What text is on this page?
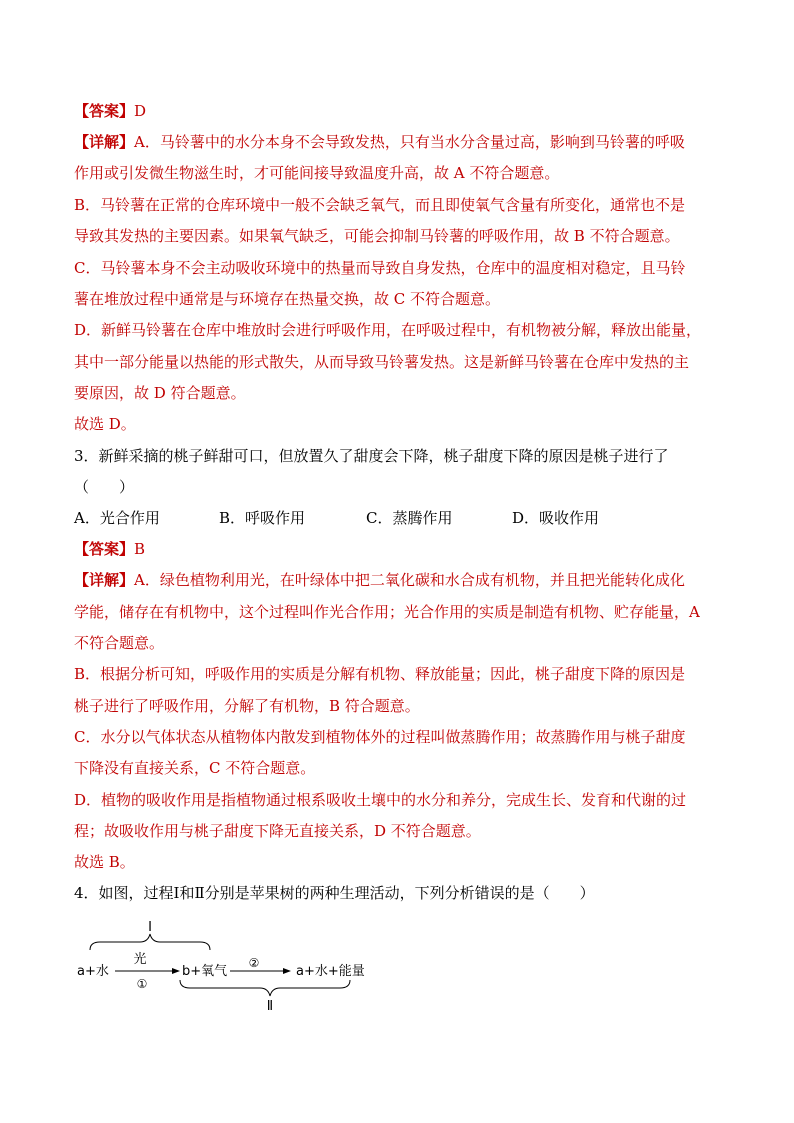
【答案】D
【详解】A．马铃薯中的水分本身不会导致发热，只有当水分含量过高，影响到马铃薯的呼吸
作用或引发微生物滋生时，才可能间接导致温度升高，故 A 不符合题意。
B．马铃薯在正常的仓库环境中一般不会缺乏氧气，而且即使氧气含量有所变化，通常也不是
导致其发热的主要因素。如果氧气缺乏，可能会抑制马铃薯的呼吸作用，故 B 不符合题意。
C．马铃薯本身不会主动吸收环境中的热量而导致自身发热，仓库中的温度相对稳定，且马铃
薯在堆放过程中通常是与环境存在热量交换，故 C 不符合题意。
D．新鲜马铃薯在仓库中堆放时会进行呼吸作用，在呼吸过程中，有机物被分解，释放出能量，
其中一部分能量以热能的形式散失，从而导致马铃薯发热。这是新鲜马铃薯在仓库中发热的主
要原因，故 D 符合题意。
故选 D。
3．新鲜采摘的桃子鲜甜可口，但放置久了甜度会下降，桃子甜度下降的原因是桃子进行了
（　　）
A．光合作用	B．呼吸作用	C．蒸腾作用	D．吸收作用
【答案】B
【详解】A．绿色植物利用光，在叶绿体中把二氧化碳和水合成有机物，并且把光能转化成化
学能，储存在有机物中，这个过程叫作光合作用；光合作用的实质是制造有机物、贮存能量，A
不符合题意。
B．根据分析可知，呼吸作用的实质是分解有机物、释放能量；因此，桃子甜度下降的原因是
桃子进行了呼吸作用，分解了有机物，B 符合题意。
C．水分以气体状态从植物体内散发到植物体外的过程叫做蒸腾作用；故蒸腾作用与桃子甜度
下降没有直接关系，C 不符合题意。
D．植物的吸收作用是指植物通过根系吸收土壤中的水分和养分，完成生长、发育和代谢的过
程；故吸收作用与桃子甜度下降无直接关系，D 不符合题意。
故选 B。
4．如图，过程Ⅰ和Ⅱ分别是苹果树的两种生理活动，下列分析错误的是（　　）
Ⅰ
a+水
光
①
b+氧气
②
a+水+能量
Ⅱ
